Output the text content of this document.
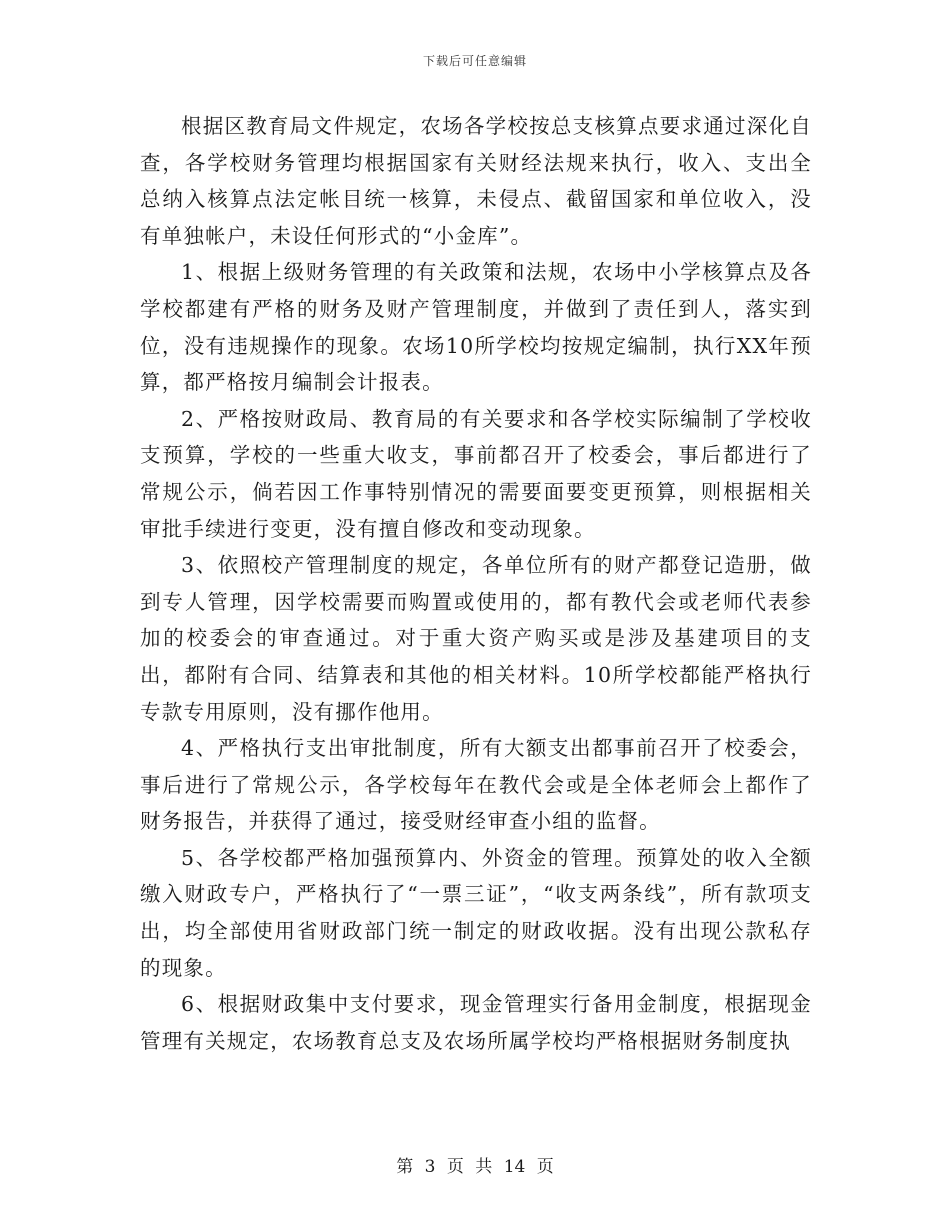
下载后可任意编辑

根据区教育局文件规定，农场各学校按总支核算点要求通过深化自查，各学校财务管理均根据国家有关财经法规来执行，收入、支出全总纳入核算点法定帐目统一核算，未侵点、截留国家和单位收入，没有单独帐户，未设任何形式的“小金库”。

1、根据上级财务管理的有关政策和法规，农场中小学核算点及各学校都建有严格的财务及财产管理制度，并做到了责任到人，落实到位，没有违规操作的现象。农场10所学校均按规定编制，执行XX年预算，都严格按月编制会计报表。

2、严格按财政局、教育局的有关要求和各学校实际编制了学校收支预算，学校的一些重大收支，事前都召开了校委会，事后都进行了常规公示，倘若因工作事特别情况的需要面要变更预算，则根据相关审批手续进行变更，没有擅自修改和变动现象。

3、依照校产管理制度的规定，各单位所有的财产都登记造册，做到专人管理，因学校需要而购置或使用的，都有教代会或老师代表参加的校委会的审查通过。对于重大资产购买或是涉及基建项目的支出，都附有合同、结算表和其他的相关材料。10所学校都能严格执行专款专用原则，没有挪作他用。

4、严格执行支出审批制度，所有大额支出都事前召开了校委会，事后进行了常规公示，各学校每年在教代会或是全体老师会上都作了财务报告，并获得了通过，接受财经审查小组的监督。

5、各学校都严格加强预算内、外资金的管理。预算处的收入全额缴入财政专户，严格执行了“一票三证”，“收支两条线”，所有款项支出，均全部使用省财政部门统一制定的财政收据。没有出现公款私存的现象。

6、根据财政集中支付要求，现金管理实行备用金制度，根据现金管理有关规定，农场教育总支及农场所属学校均严格根据财务制度执

第 3 页 共 14 页
